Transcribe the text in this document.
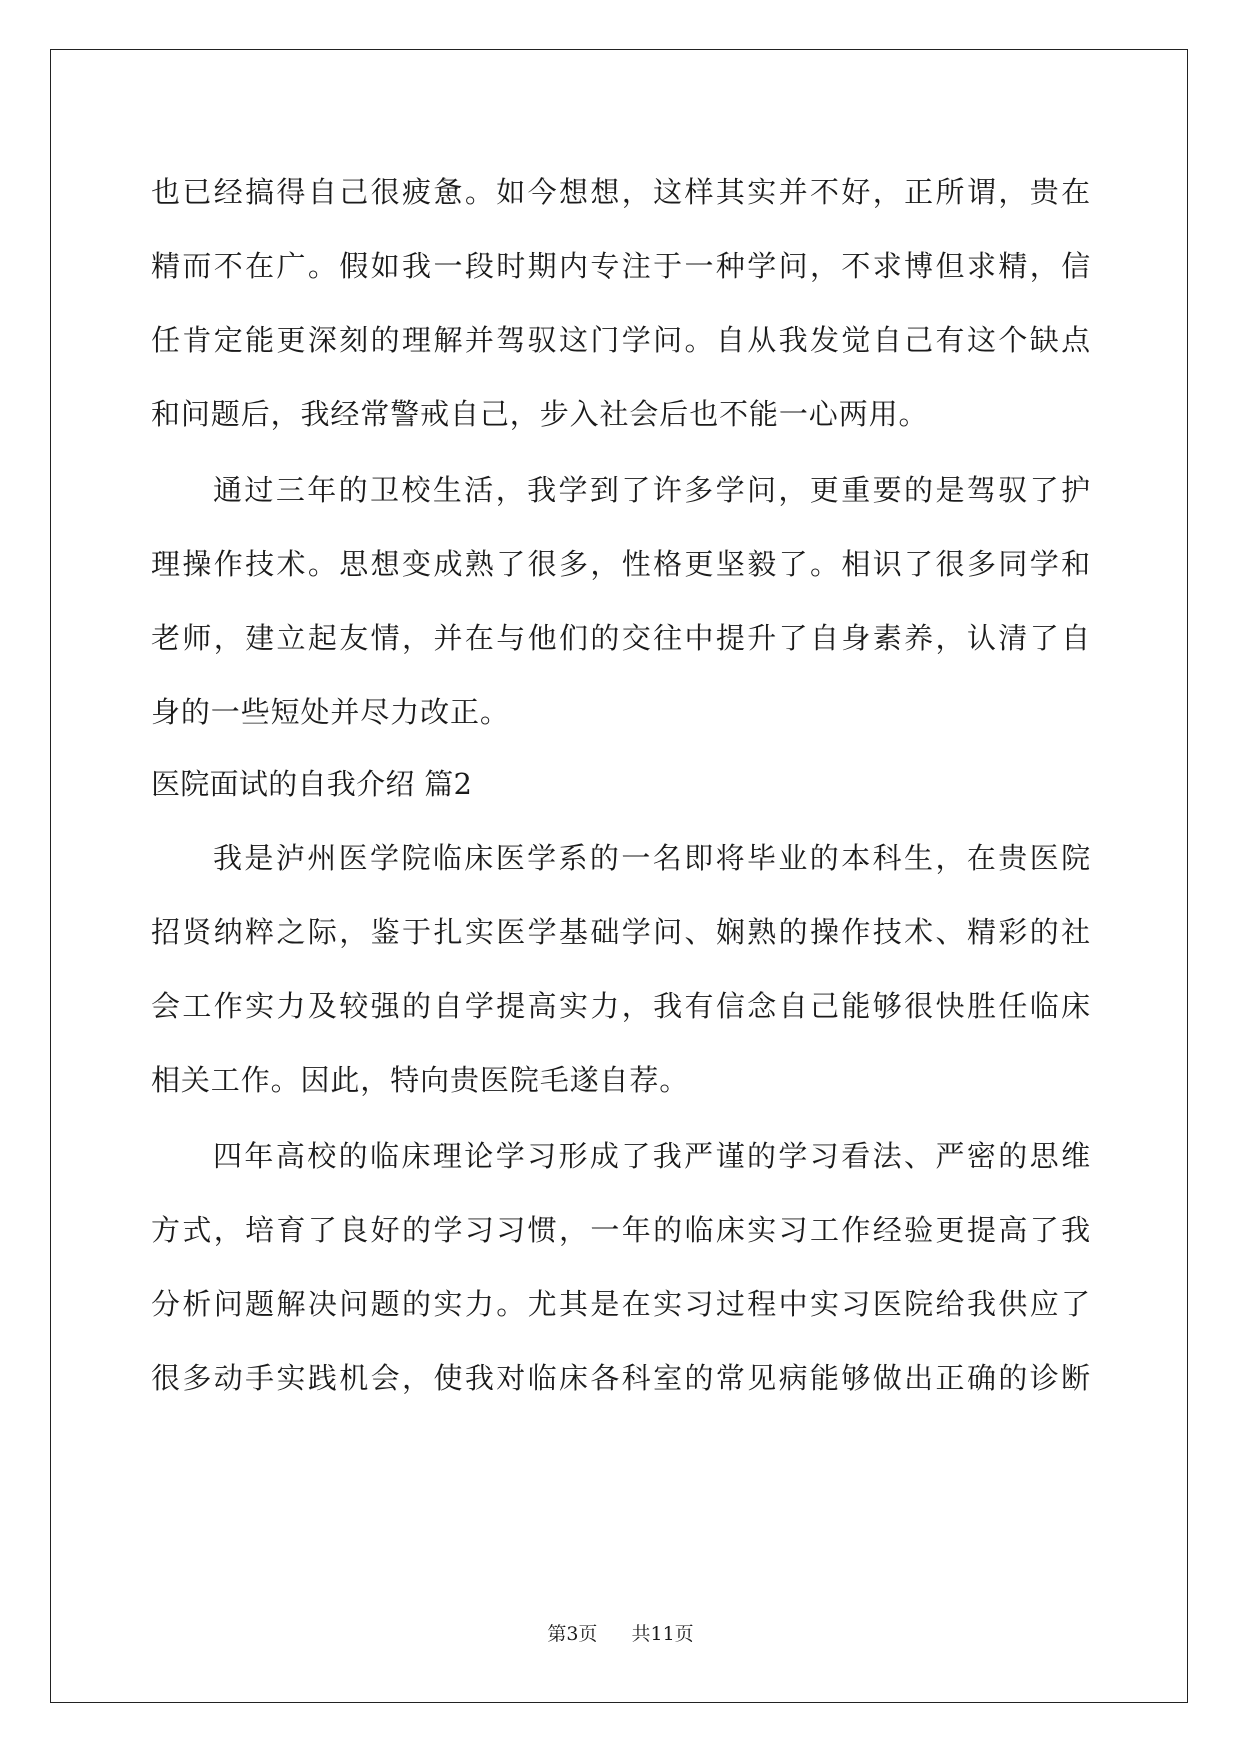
也已经搞得自己很疲惫。如今想想，这样其实并不好，正所谓，贵在
精而不在广。假如我一段时期内专注于一种学问，不求博但求精，信
任肯定能更深刻的理解并驾驭这门学问。自从我发觉自己有这个缺点
和问题后，我经常警戒自己，步入社会后也不能一心两用。
通过三年的卫校生活，我学到了许多学问，更重要的是驾驭了护
理操作技术。思想变成熟了很多，性格更坚毅了。相识了很多同学和
老师，建立起友情，并在与他们的交往中提升了自身素养，认清了自
身的一些短处并尽力改正。
医院面试的自我介绍 篇2
我是泸州医学院临床医学系的一名即将毕业的本科生，在贵医院
招贤纳粹之际，鉴于扎实医学基础学问、娴熟的操作技术、精彩的社
会工作实力及较强的自学提高实力，我有信念自己能够很快胜任临床
相关工作。因此，特向贵医院毛遂自荐。
四年高校的临床理论学习形成了我严谨的学习看法、严密的思维
方式，培育了良好的学习习惯，一年的临床实习工作经验更提高了我
分析问题解决问题的实力。尤其是在实习过程中实习医院给我供应了
很多动手实践机会，使我对临床各科室的常见病能够做出正确的诊断
第3页 共11页
